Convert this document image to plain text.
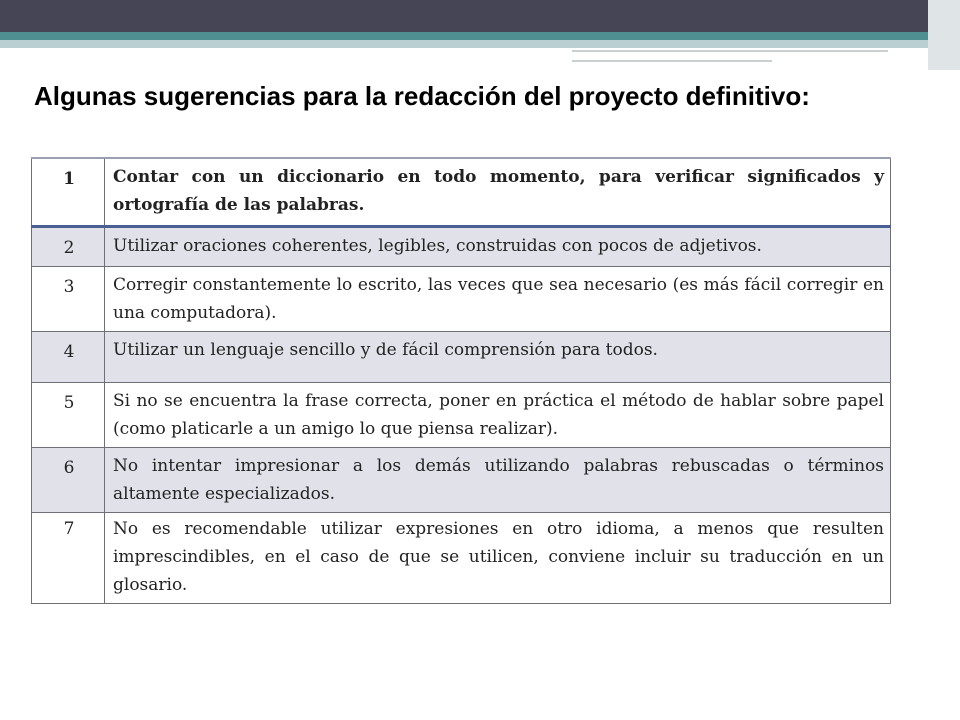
Algunas sugerencias para la redacción del proyecto definitivo:
1	Contar con un diccionario en todo momento, para verificar significados y ortografía de las palabras.
2	Utilizar oraciones coherentes, legibles, construidas con pocos de adjetivos.
3	Corregir constantemente lo escrito, las veces que sea necesario (es más fácil corregir en una computadora).
4	Utilizar un lenguaje sencillo y de fácil comprensión para todos.
5	Si no se encuentra la frase correcta, poner en práctica el método de hablar sobre papel (como platicarle a un amigo lo que piensa realizar).
6	No intentar impresionar a los demás utilizando palabras rebuscadas o términos altamente especializados.
7	No es recomendable utilizar expresiones en otro idioma, a menos que resulten imprescindibles, en el caso de que se utilicen, conviene incluir su traducción en un glosario.
